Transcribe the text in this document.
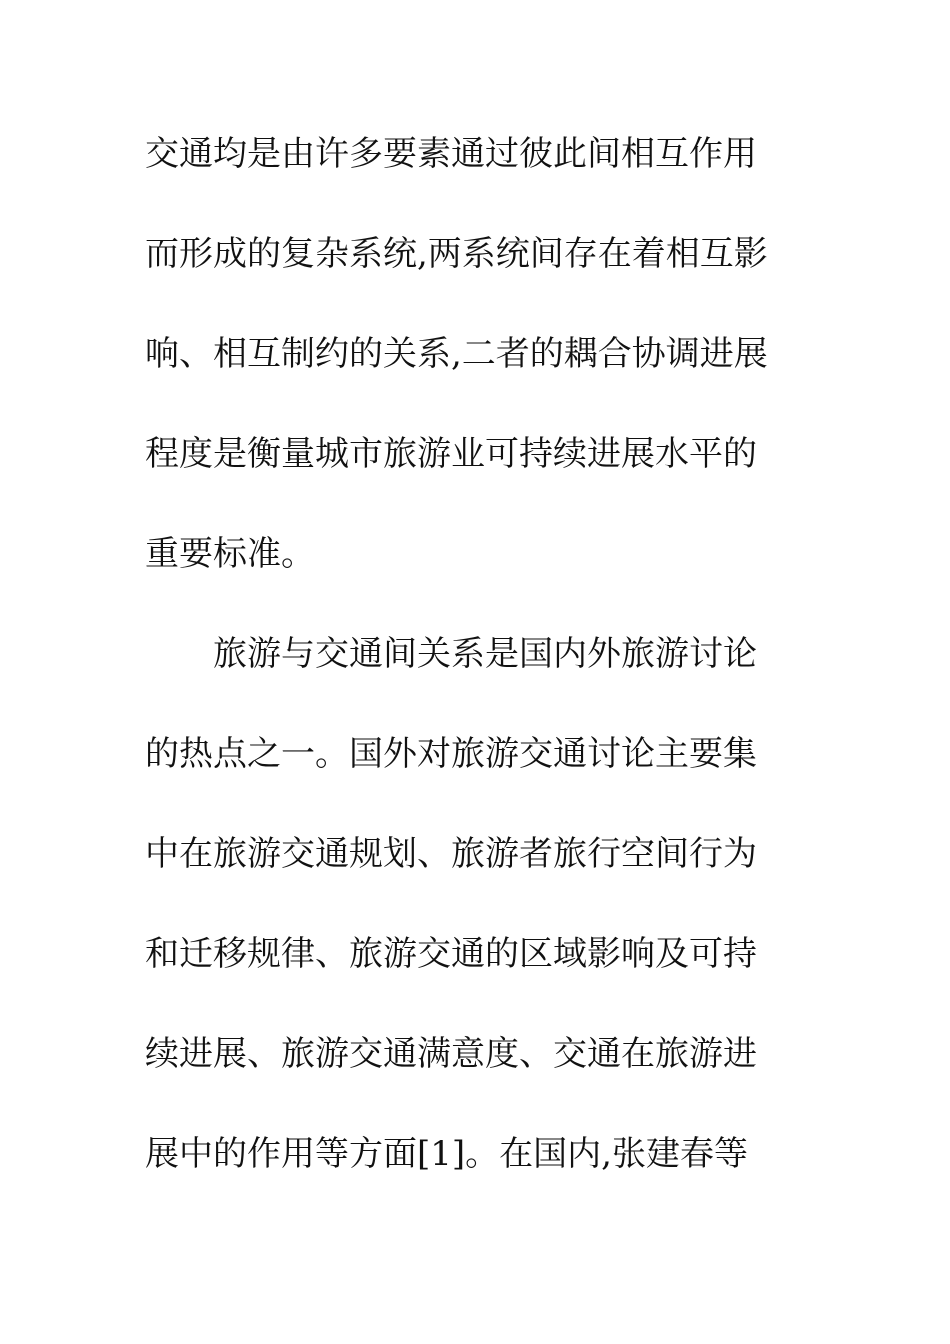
交通均是由许多要素通过彼此间相互作用
而形成的复杂系统,两系统间存在着相互影
响、相互制约的关系,二者的耦合协调进展
程度是衡量城市旅游业可持续进展水平的
重要标准。
旅游与交通间关系是国内外旅游讨论
的热点之一。国外对旅游交通讨论主要集
中在旅游交通规划、旅游者旅行空间行为
和迁移规律、旅游交通的区域影响及可持
续进展、旅游交通满意度、交通在旅游进
展中的作用等方面[1]。在国内,张建春等
